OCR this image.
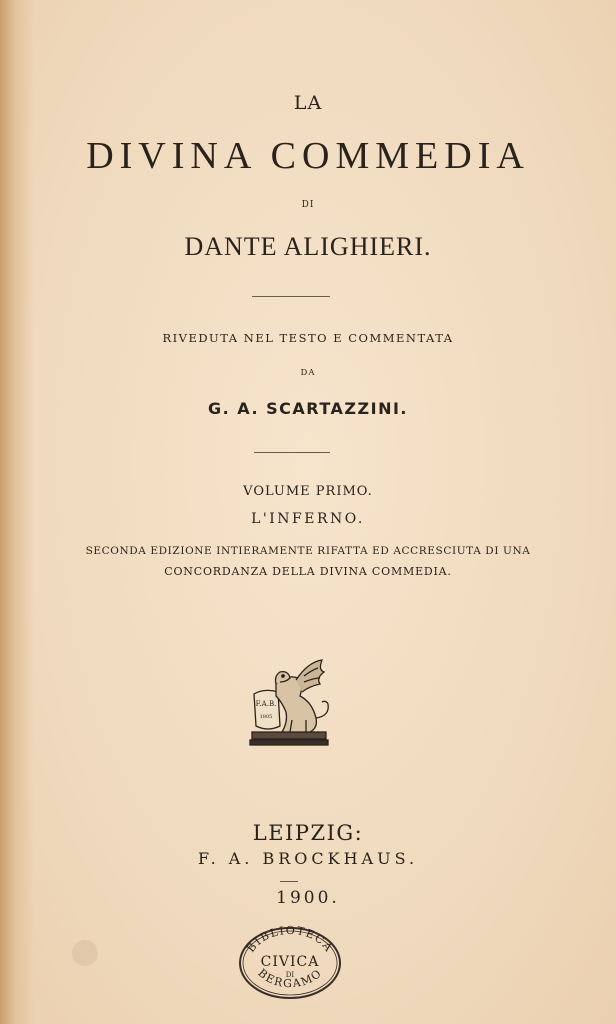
LA
DIVINA COMMEDIA
DI
DANTE ALIGHIERI.
RIVEDUTA NEL TESTO E COMMENTATA
DA
G. A. SCARTAZZINI.
VOLUME PRIMO.
L'INFERNO.
SECONDA EDIZIONE INTIERAMENTE RIFATTA ED ACCRESCIUTA DI UNA
CONCORDANZA DELLA DIVINA COMMEDIA.
F.A.B.
1805
LEIPZIG:
F. A. BROCKHAUS.
1900.
BIBLIOTECA
CIVICA
DI
BERGAMO
